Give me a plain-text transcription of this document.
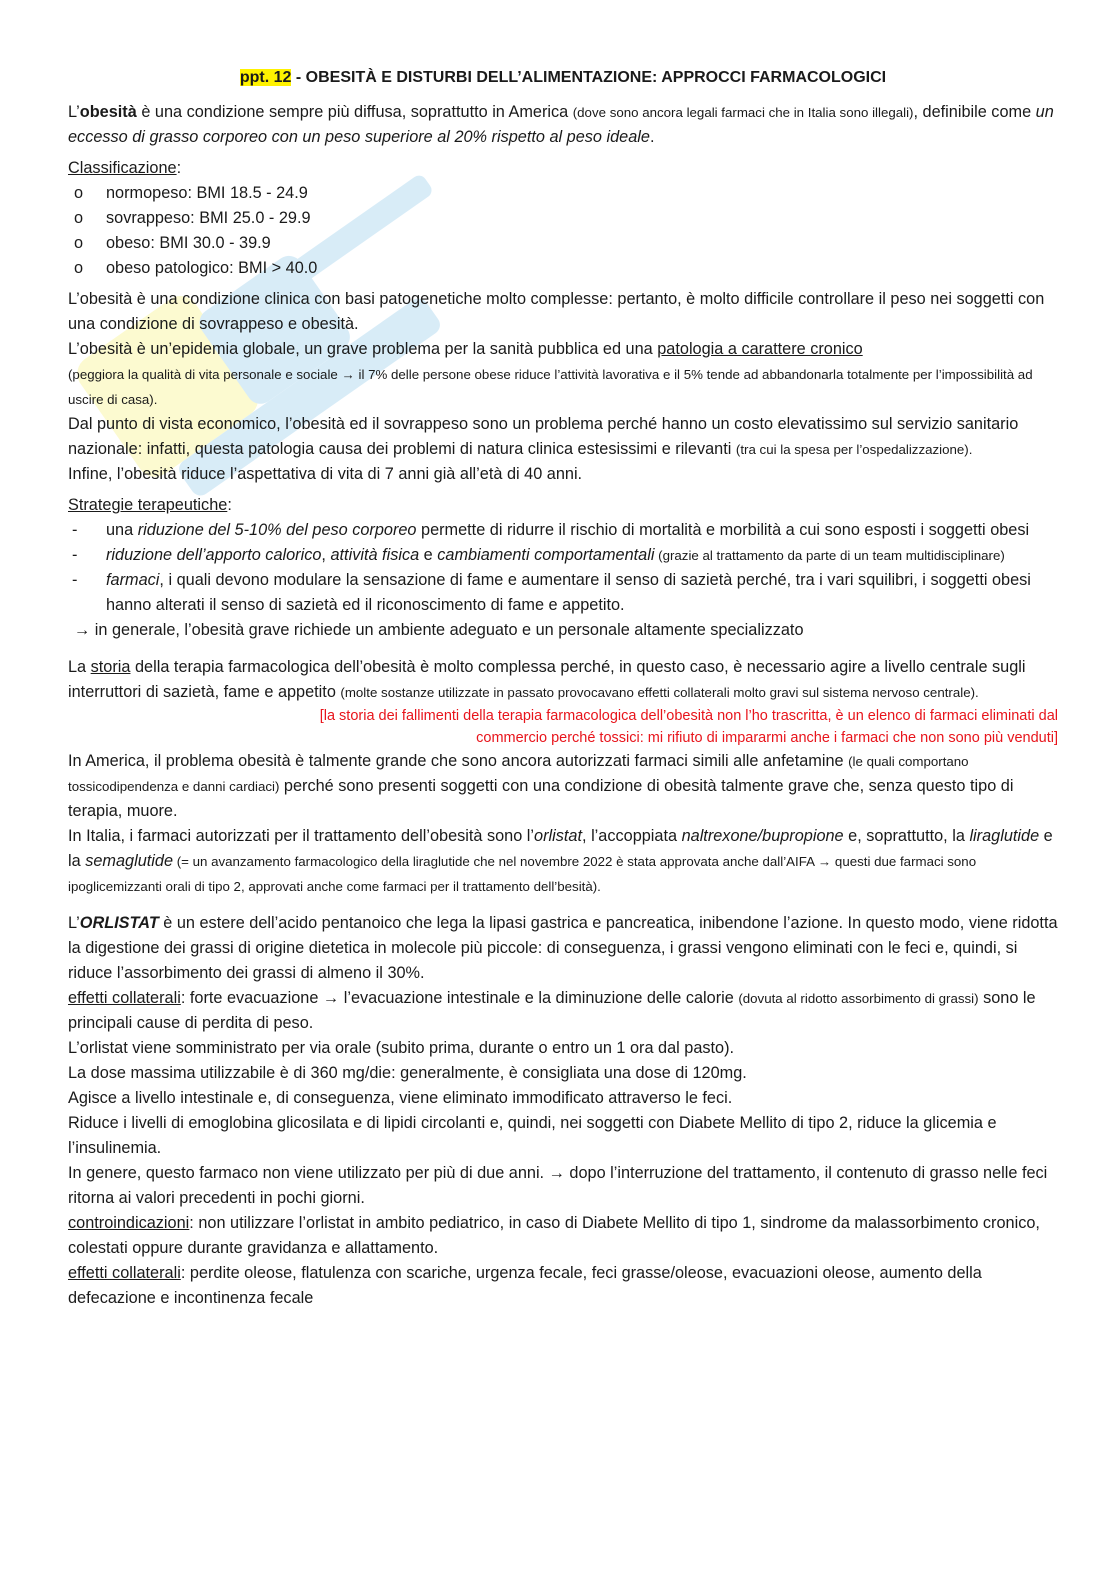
ppt. 12 - OBESITÀ E DISTURBI DELL’ALIMENTAZIONE: APPROCCI FARMACOLOGICI

L’obesità è una condizione sempre più diffusa, soprattutto in America (dove sono ancora legali farmaci che in Italia sono illegali), definibile come un eccesso di grasso corporeo con un peso superiore al 20% rispetto al peso ideale.

Classificazione:

o normopeso: BMI 18.5 - 24.9
o sovrappeso: BMI 25.0 - 29.9
o obeso: BMI 30.0 - 39.9
o obeso patologico: BMI > 40.0

L’obesità è una condizione clinica con basi patogenetiche molto complesse: pertanto, è molto difficile controllare il peso nei soggetti con una condizione di sovrappeso e obesità.

L’obesità è un’epidemia globale, un grave problema per la sanità pubblica ed una patologia a carattere cronico
(peggiora la qualità di vita personale e sociale → il 7% delle persone obese riduce l’attività lavorativa e il 5% tende ad abbandonarla totalmente per l’impossibilità ad uscire di casa).

Dal punto di vista economico, l’obesità ed il sovrappeso sono un problema perché hanno un costo elevatissimo sul servizio sanitario nazionale: infatti, questa patologia causa dei problemi di natura clinica estesissimi e rilevanti (tra cui la spesa per l’ospedalizzazione).

Infine, l’obesità riduce l’aspettativa di vita di 7 anni già all’età di 40 anni.

Strategie terapeutiche:

- una riduzione del 5-10% del peso corporeo permette di ridurre il rischio di mortalità e morbilità a cui sono esposti i soggetti obesi
- riduzione dell’apporto calorico, attività fisica e cambiamenti comportamentali (grazie al trattamento da parte di un team multidisciplinare)
- farmaci, i quali devono modulare la sensazione di fame e aumentare il senso di sazietà perché, tra i vari squilibri, i soggetti obesi hanno alterati il senso di sazietà ed il riconoscimento di fame e appetito.

→ in generale, l’obesità grave richiede un ambiente adeguato e un personale altamente specializzato

La storia della terapia farmacologica dell’obesità è molto complessa perché, in questo caso, è necessario agire a livello centrale sugli interruttori di sazietà, fame e appetito (molte sostanze utilizzate in passato provocavano effetti collaterali molto gravi sul sistema nervoso centrale).

[la storia dei fallimenti della terapia farmacologica dell’obesità non l’ho trascritta, è un elenco di farmaci eliminati dal

commercio perché tossici: mi rifiuto di impararmi anche i farmaci che non sono più venduti]

In America, il problema obesità è talmente grande che sono ancora autorizzati farmaci simili alle anfetamine (le quali comportano tossicodipendenza e danni cardiaci) perché sono presenti soggetti con una condizione di obesità talmente grave che, senza questo tipo di terapia, muore.

In Italia, i farmaci autorizzati per il trattamento dell’obesità sono l’orlistat, l’accoppiata naltrexone/bupropione e, soprattutto, la liraglutide e la semaglutide (= un avanzamento farmacologico della liraglutide che nel novembre 2022 è stata approvata anche dall’AIFA → questi due farmaci sono ipoglicemizzanti orali di tipo 2, approvati anche come farmaci per il trattamento dell’besità).

L’ORLISTAT è un estere dell’acido pentanoico che lega la lipasi gastrica e pancreatica, inibendone l’azione. In questo modo, viene ridotta la digestione dei grassi di origine dietetica in molecole più piccole: di conseguenza, i grassi vengono eliminati con le feci e, quindi, si riduce l’assorbimento dei grassi di almeno il 30%.

effetti collaterali: forte evacuazione → l’evacuazione intestinale e la diminuzione delle calorie (dovuta al ridotto assorbimento di grassi) sono le principali cause di perdita di peso.

L’orlistat viene somministrato per via orale (subito prima, durante o entro un 1 ora dal pasto).

La dose massima utilizzabile è di 360 mg/die: generalmente, è consigliata una dose di 120mg.

Agisce a livello intestinale e, di conseguenza, viene eliminato immodificato attraverso le feci.

Riduce i livelli di emoglobina glicosilata e di lipidi circolanti e, quindi, nei soggetti con Diabete Mellito di tipo 2, riduce la glicemia e l’insulinemia.

In genere, questo farmaco non viene utilizzato per più di due anni. → dopo l’interruzione del trattamento, il contenuto di grasso nelle feci ritorna ai valori precedenti in pochi giorni.

controindicazioni: non utilizzare l’orlistat in ambito pediatrico, in caso di Diabete Mellito di tipo 1, sindrome da malassorbimento cronico, colestati oppure durante gravidanza e allattamento.

effetti collaterali: perdite oleose, flatulenza con scariche, urgenza fecale, feci grasse/oleose, evacuazioni oleose, aumento della defecazione e incontinenza fecale
